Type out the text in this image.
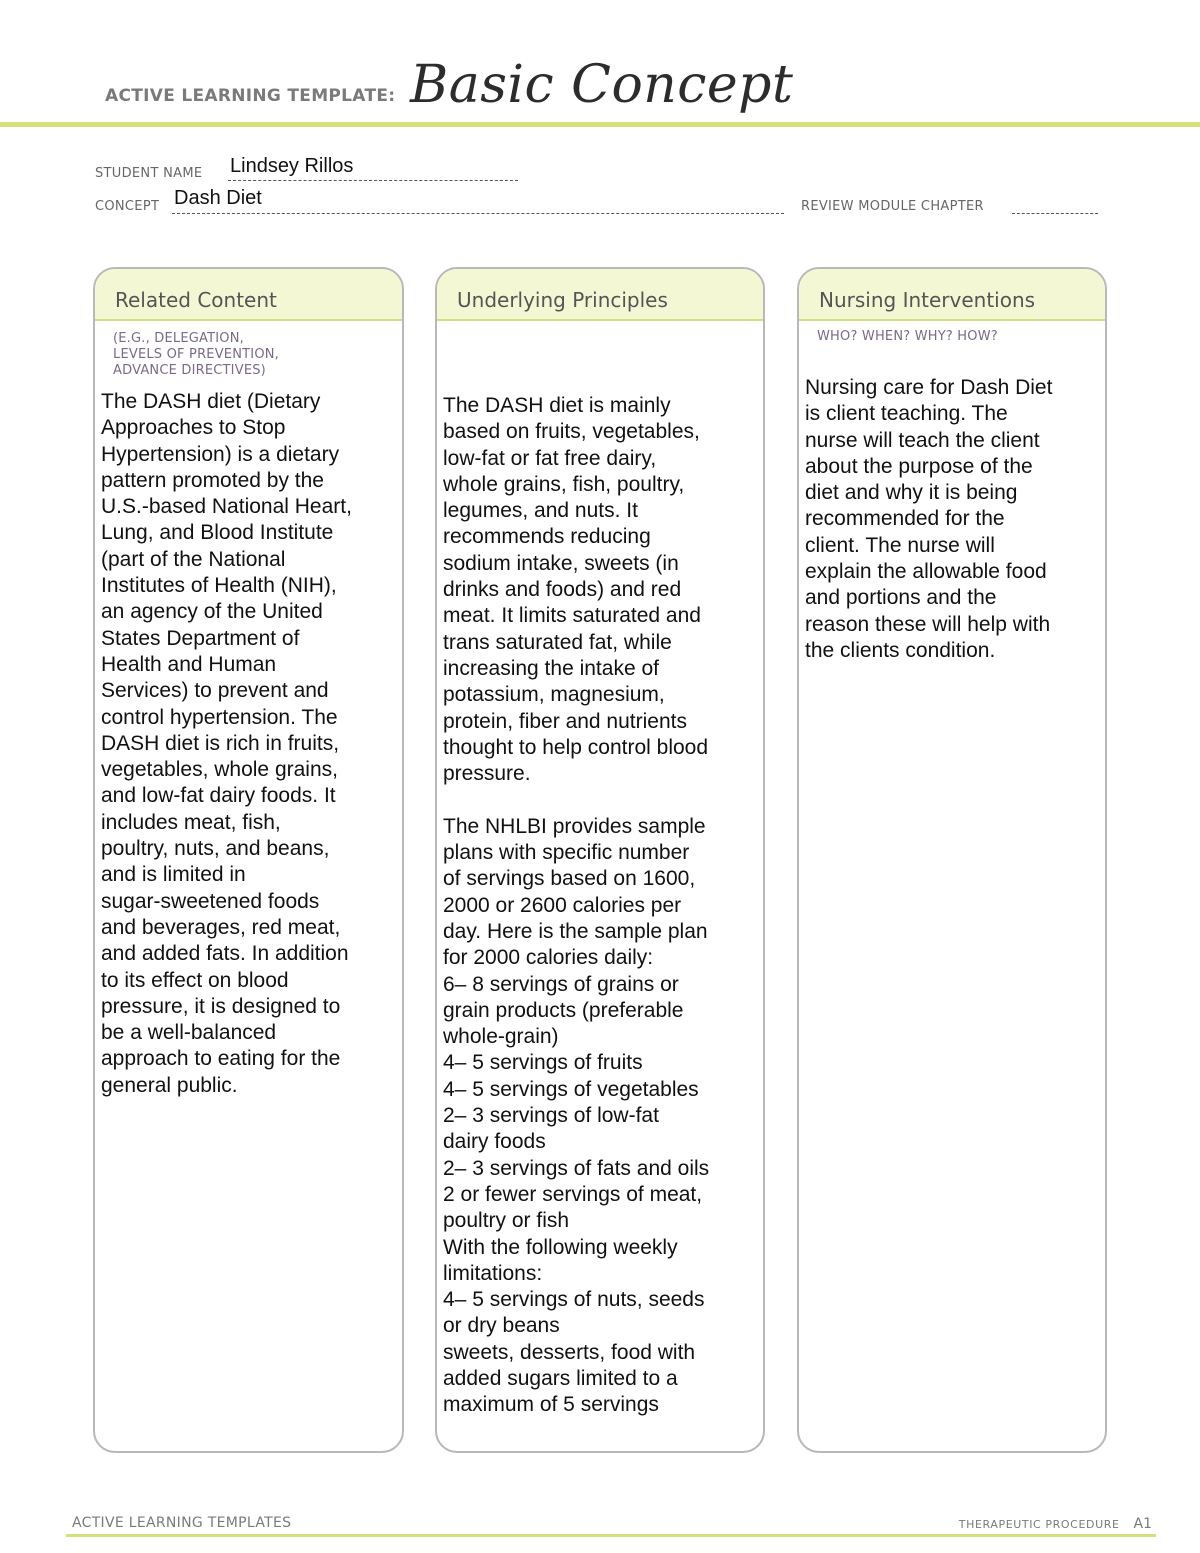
ACTIVE LEARNING TEMPLATE: Basic Concept
STUDENT NAME Lindsey Rillos
CONCEPT Dash Diet	REVIEW MODULE CHAPTER
Related Content
(E.G., DELEGATION,
LEVELS OF PREVENTION,
ADVANCE DIRECTIVES)
The DASH diet (Dietary
Approaches to Stop
Hypertension) is a dietary
pattern promoted by the
U.S.-based National Heart,
Lung, and Blood Institute
(part of the National
Institutes of Health (NIH),
an agency of the United
States Department of
Health and Human
Services) to prevent and
control hypertension. The
DASH diet is rich in fruits,
vegetables, whole grains,
and low-fat dairy foods. It
includes meat, fish,
poultry, nuts, and beans,
and is limited in
sugar-sweetened foods
and beverages, red meat,
and added fats. In addition
to its effect on blood
pressure, it is designed to
be a well-balanced
approach to eating for the
general public.
Underlying Principles
The DASH diet is mainly
based on fruits, vegetables,
low-fat or fat free dairy,
whole grains, fish, poultry,
legumes, and nuts. It
recommends reducing
sodium intake, sweets (in
drinks and foods) and red
meat. It limits saturated and
trans saturated fat, while
increasing the intake of
potassium, magnesium,
protein, fiber and nutrients
thought to help control blood
pressure.

The NHLBI provides sample
plans with specific number
of servings based on 1600,
2000 or 2600 calories per
day. Here is the sample plan
for 2000 calories daily:
6– 8 servings of grains or
grain products (preferable
whole-grain)
4– 5 servings of fruits
4– 5 servings of vegetables
2– 3 servings of low-fat
dairy foods
2– 3 servings of fats and oils
2 or fewer servings of meat,
poultry or fish
With the following weekly
limitations:
4– 5 servings of nuts, seeds
or dry beans
sweets, desserts, food with
added sugars limited to a
maximum of 5 servings
Nursing Interventions
WHO? WHEN? WHY? HOW?
Nursing care for Dash Diet
is client teaching. The
nurse will teach the client
about the purpose of the
diet and why it is being
recommended for the
client. The nurse will
explain the allowable food
and portions and the
reason these will help with
the clients condition.
ACTIVE LEARNING TEMPLATES	THERAPEUTIC PROCEDURE A1
